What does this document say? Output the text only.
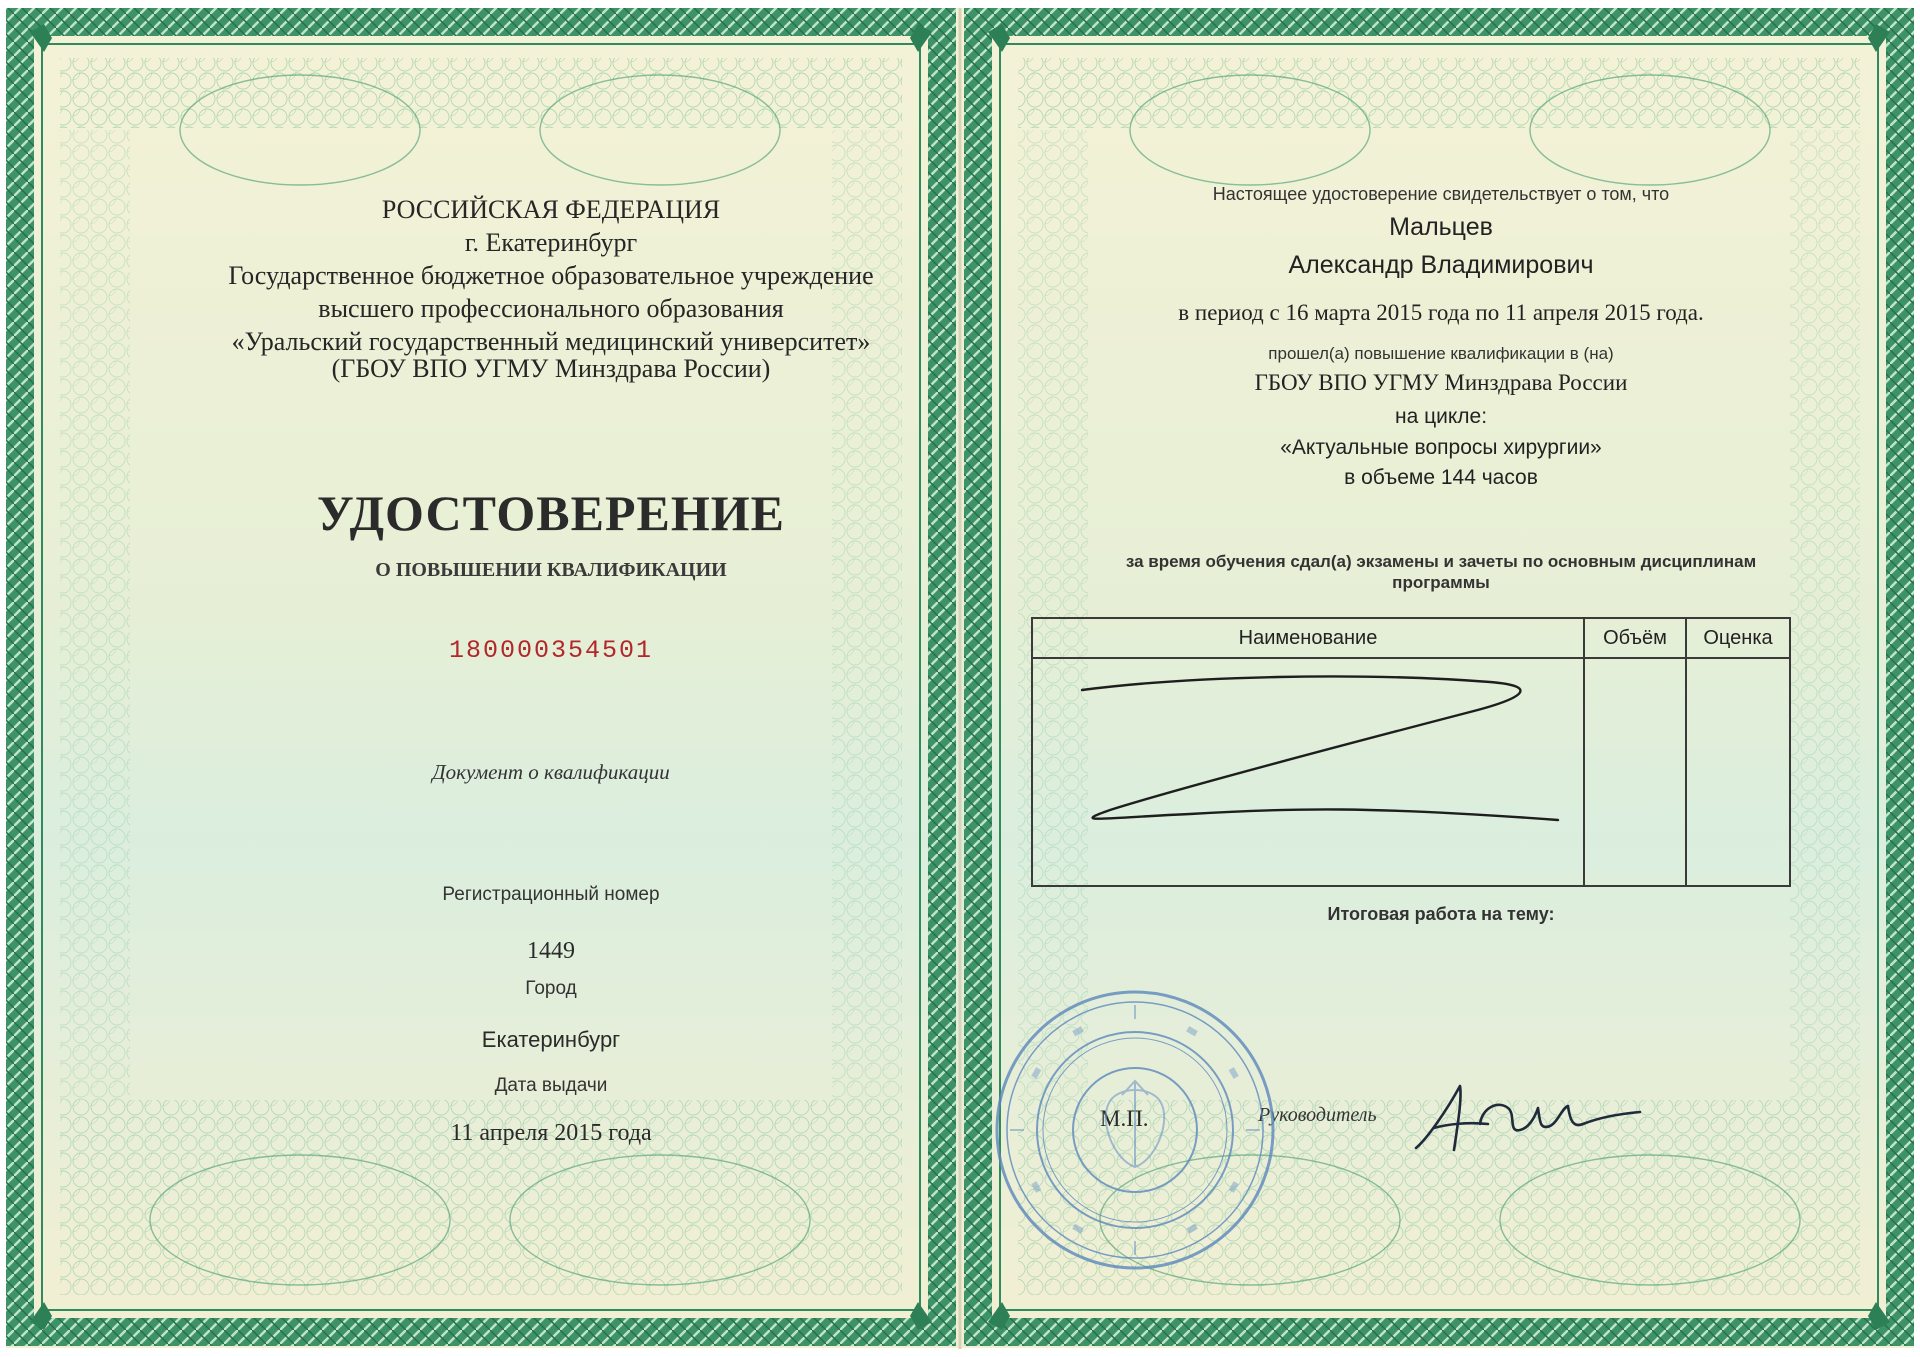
РОССИЙСКАЯ ФЕДЕРАЦИЯ
г. Екатеринбург
Государственное бюджетное образовательное учреждение
высшего профессионального образования
«Уральский государственный медицинский университет»
(ГБОУ ВПО УГМУ Минздрава России)
УДОСТОВЕРЕНИЕ
О ПОВЫШЕНИИ КВАЛИФИКАЦИИ
180000354501
Документ о квалификации
Регистрационный номер
1449
Город
Екатеринбург
Дата выдачи
11 апреля 2015 года
Настоящее удостоверение свидетельствует о том, что
Мальцев
Александр Владимирович
в период с 16 марта 2015 года по 11 апреля 2015 года.
прошел(а) повышение квалификации в (на)
ГБОУ ВПО УГМУ Минздрава России
на цикле:
«Актуальные вопросы хирургии»
в объеме 144 часов
за время обучения сдал(а) экзамены и зачеты по основным дисциплинам
программы
Итоговая работа на тему:
М.П.	Руководитель
Наименование	Объём	Оценка
